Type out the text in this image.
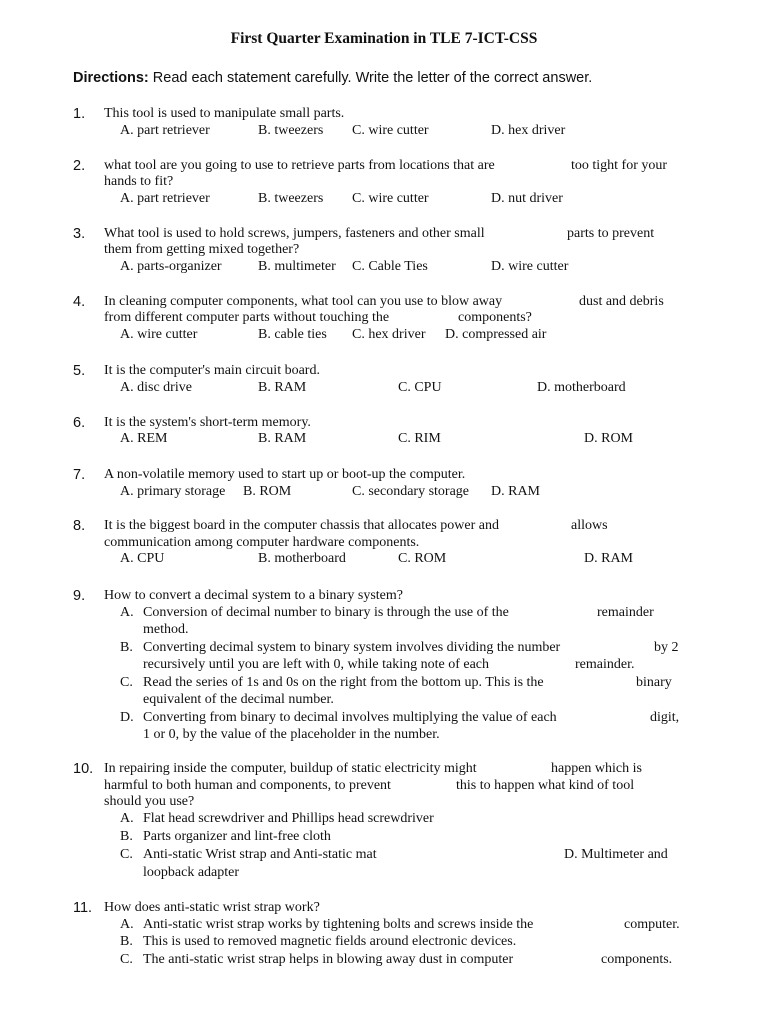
First Quarter Examination in TLE 7-ICT-CSS
Directions: Read each statement carefully. Write the letter of the correct answer.
1. This tool is used to manipulate small parts.
A. part retriever	B. tweezers C. wire cutter	D. hex driver
2. what tool are you going to use to retrieve parts from locations that are	too tight for your
hands to fit?
A. part retriever	B. tweezers C. wire cutter	D. nut driver
3. What tool is used to hold screws, jumpers, fasteners and other small	parts to prevent
them from getting mixed together?
A. parts-organizer	B. multimeter C. Cable Ties	D. wire cutter
4. In cleaning computer components, what tool can you use to blow away	dust and debris
from different computer parts without touching the	components?
A. wire cutter	B. cable ties C. hex driver D. compressed air
5. It is the computer's main circuit board.
A. disc drive	B. RAM	C. CPU	D. motherboard
6. It is the system's short-term memory.
A. REM	B. RAM	C. RIM	D. ROM
7. A non-volatile memory used to start up or boot-up the computer.
A. primary storage B. ROM	C. secondary storage D. RAM
8. It is the biggest board in the computer chassis that allocates power and	allows
communication among computer hardware components.
A. CPU	B. motherboard	C. ROM	D. RAM
9. How to convert a decimal system to a binary system?
A. Conversion of decimal number to binary is through the use of the	remainder
method.
B. Converting decimal system to binary system involves dividing the number	by 2
recursively until you are left with 0, while taking note of each	remainder.
C. Read the series of 1s and 0s on the right from the bottom up. This is the	binary
equivalent of the decimal number.
D. Converting from binary to decimal involves multiplying the value of each	digit,
1 or 0, by the value of the placeholder in the number.
10. In repairing inside the computer, buildup of static electricity might	happen which is
harmful to both human and components, to prevent	this to happen what kind of tool
should you use?
A. Flat head screwdriver and Phillips head screwdriver
B. Parts organizer and lint-free cloth
C. Anti-static Wrist strap and Anti-static mat	D. Multimeter and
loopback adapter
11. How does anti-static wrist strap work?
A. Anti-static wrist strap works by tightening bolts and screws inside the	computer.
B. This is used to removed magnetic fields around electronic devices.
C. The anti-static wrist strap helps in blowing away dust in computer	components.
